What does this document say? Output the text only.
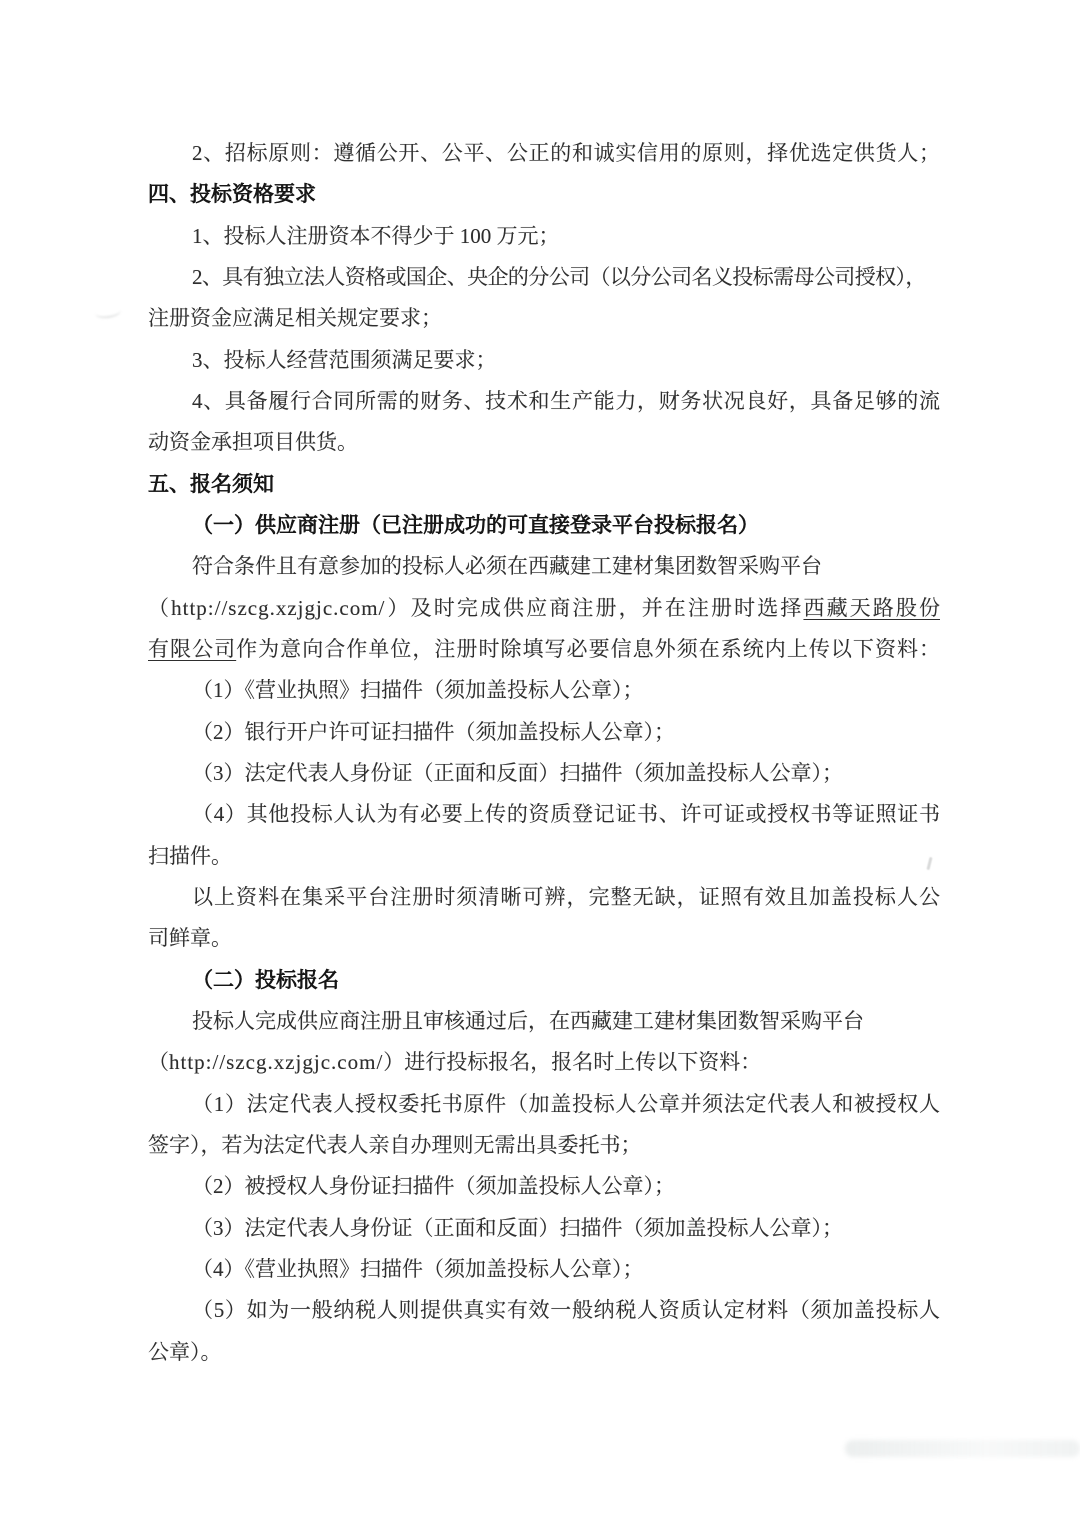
2、招标原则：遵循公开、公平、公正的和诚实信用的原则，择优选定供货人；
四、投标资格要求
1、投标人注册资本不得少于 100 万元；
2、具有独立法人资格或国企、央企的分公司（以分公司名义投标需母公司授权），
注册资金应满足相关规定要求；
3、投标人经营范围须满足要求；
4、具备履行合同所需的财务、技术和生产能力，财务状况良好，具备足够的流
动资金承担项目供货。
五、报名须知
（一）供应商注册（已注册成功的可直接登录平台投标报名）
符合条件且有意参加的投标人必须在西藏建工建材集团数智采购平台
（http://szcg.xzjgjc.com/）及时完成供应商注册，并在注册时选择西藏天路股份
有限公司作为意向合作单位，注册时除填写必要信息外须在系统内上传以下资料：
（1）《营业执照》扫描件（须加盖投标人公章）；
（2）银行开户许可证扫描件（须加盖投标人公章）；
（3）法定代表人身份证（正面和反面）扫描件（须加盖投标人公章）；
（4）其他投标人认为有必要上传的资质登记证书、许可证或授权书等证照证书
扫描件。
以上资料在集采平台注册时须清晰可辨，完整无缺，证照有效且加盖投标人公
司鲜章。
（二）投标报名
投标人完成供应商注册且审核通过后，在西藏建工建材集团数智采购平台
（http://szcg.xzjgjc.com/）进行投标报名，报名时上传以下资料：
（1）法定代表人授权委托书原件（加盖投标人公章并须法定代表人和被授权人
签字），若为法定代表人亲自办理则无需出具委托书；
（2）被授权人身份证扫描件（须加盖投标人公章）；
（3）法定代表人身份证（正面和反面）扫描件（须加盖投标人公章）；
（4）《营业执照》扫描件（须加盖投标人公章）；
（5）如为一般纳税人则提供真实有效一般纳税人资质认定材料（须加盖投标人
公章）。
